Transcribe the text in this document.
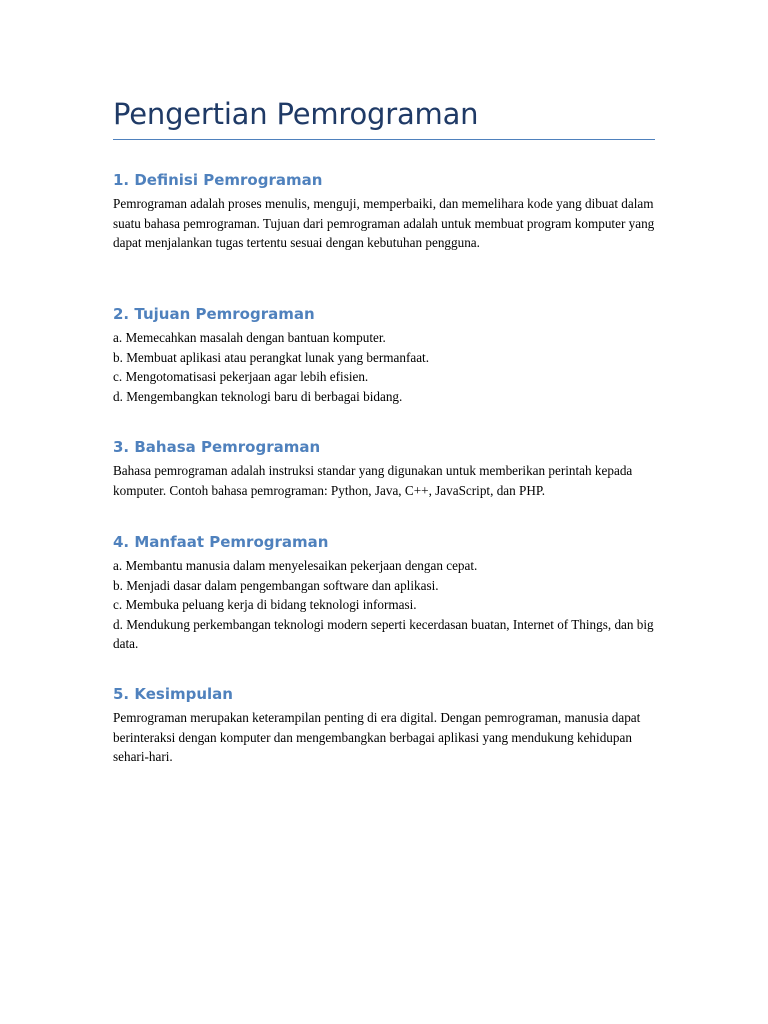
Pengertian Pemrograman
1. Definisi Pemrograman

Pemrograman adalah proses menulis, menguji, memperbaiki, dan memelihara kode yang dibuat dalam suatu bahasa pemrograman. Tujuan dari pemrograman adalah untuk membuat program komputer yang dapat menjalankan tugas tertentu sesuai dengan kebutuhan pengguna.

2. Tujuan Pemrograman
a. Memecahkan masalah dengan bantuan komputer.
b. Membuat aplikasi atau perangkat lunak yang bermanfaat.
c. Mengotomatisasi pekerjaan agar lebih efisien.
d. Mengembangkan teknologi baru di berbagai bidang.
3. Bahasa Pemrograman

Bahasa pemrograman adalah instruksi standar yang digunakan untuk memberikan perintah kepada komputer. Contoh bahasa pemrograman: Python, Java, C++, JavaScript, dan PHP.

4. Manfaat Pemrograman
a. Membantu manusia dalam menyelesaikan pekerjaan dengan cepat.
b. Menjadi dasar dalam pengembangan software dan aplikasi.
c. Membuka peluang kerja di bidang teknologi informasi.
d. Mendukung perkembangan teknologi modern seperti kecerdasan buatan, Internet of Things, dan big data.
5. Kesimpulan

Pemrograman merupakan keterampilan penting di era digital. Dengan pemrograman, manusia dapat berinteraksi dengan komputer dan mengembangkan berbagai aplikasi yang mendukung kehidupan sehari-hari.
